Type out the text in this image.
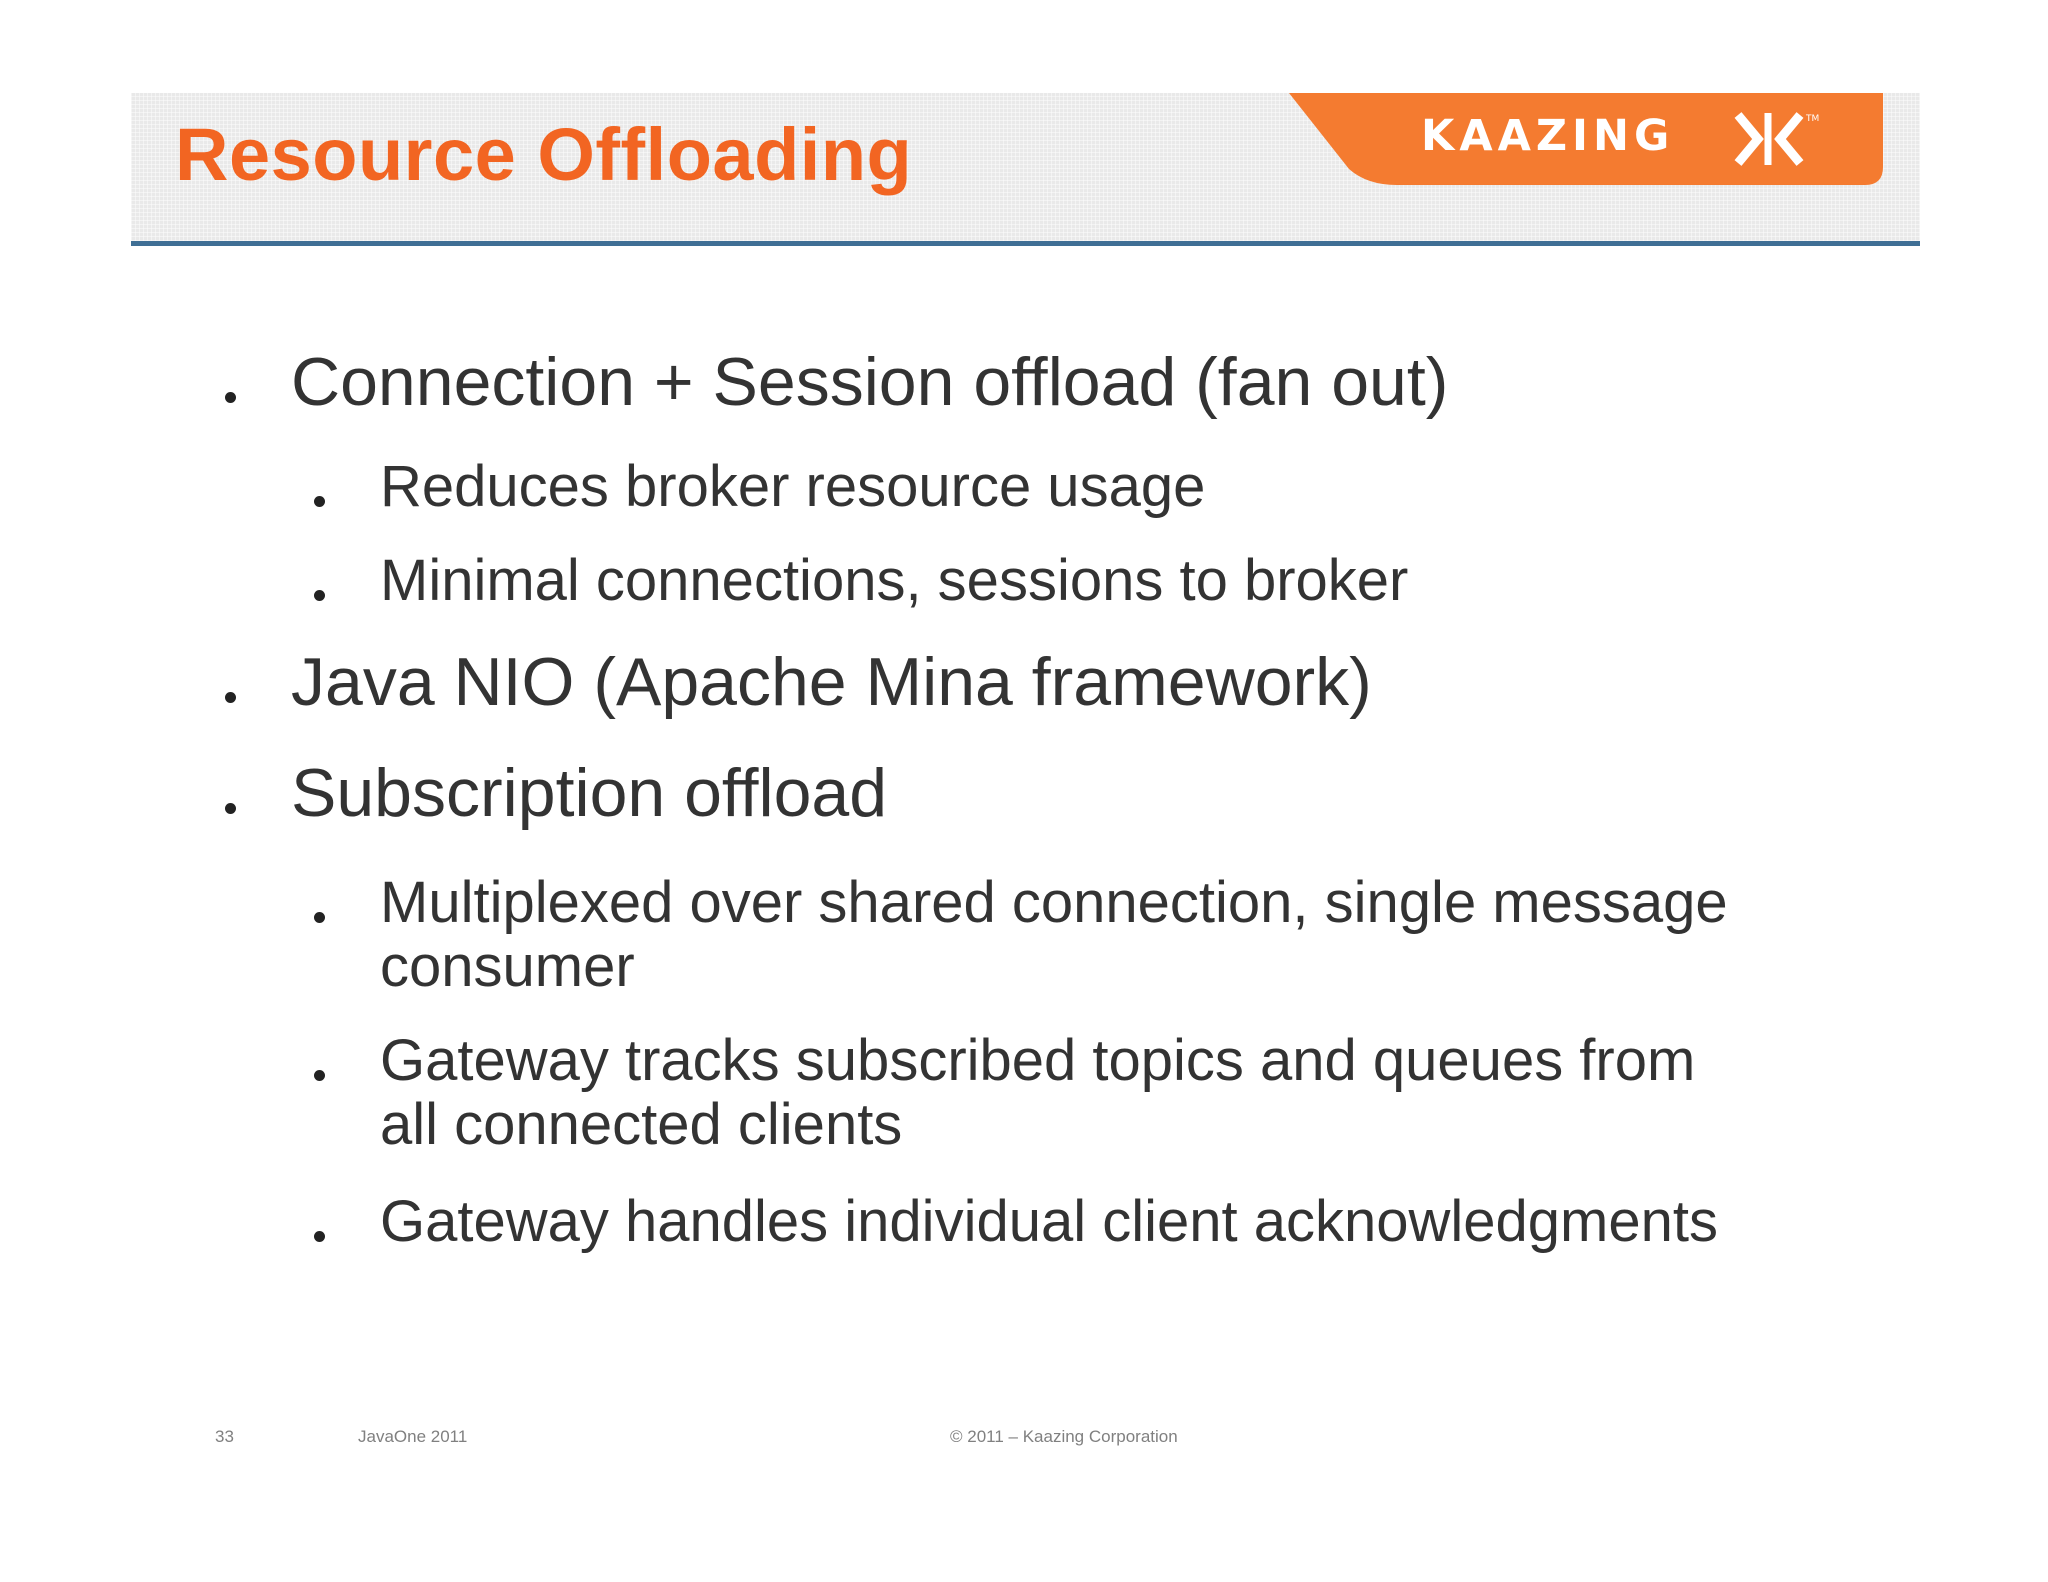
Resource Offloading	KAAZING	TM
Connection + Session offload (fan out)
Reduces broker resource usage
Minimal connections, sessions to broker
Java NIO (Apache Mina framework)
Subscription offload
Multiplexed over shared connection, single message
consumer
Gateway tracks subscribed topics and queues from
all connected clients
Gateway handles individual client acknowledgments
33	JavaOne 2011	© 2011 – Kaazing Corporation
